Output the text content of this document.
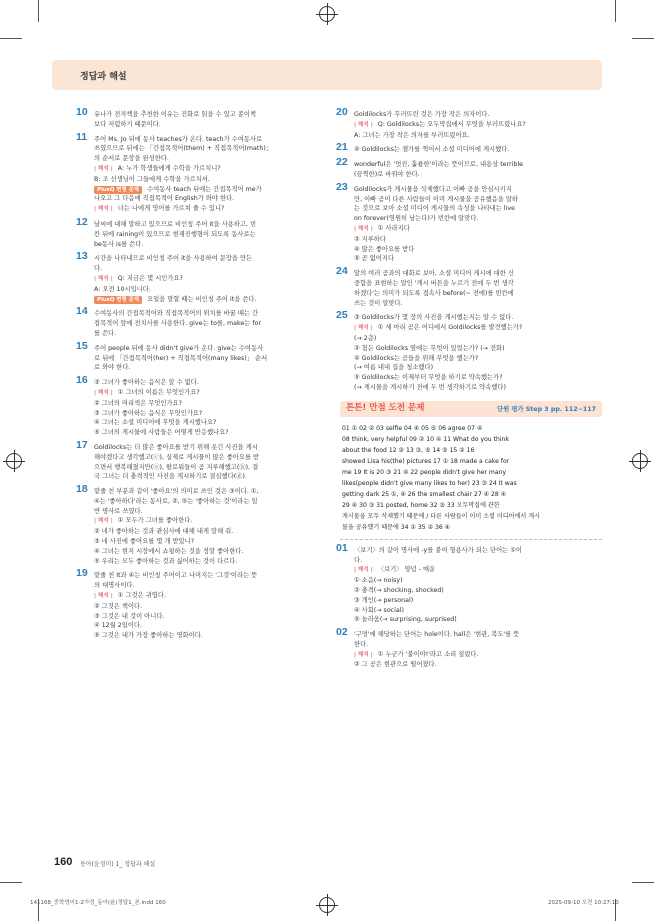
정답과 해설
10 유나가 전자책을 추천한 이유는 진화로 읽을 수 있고 종이책
보다 저렴하기 때문이다.
11 주어 Ms. Jo 뒤에 동사 teaches가 온다. teach가 수여동사로
쓰였으므로 뒤에는 「간접목적어(them) + 직접목적어(math)」
의 순서로 문장을 완성한다.
| 해석 | A: 누가 학생들에게 수학을 가르치니?
B: 조 선생님이 그들에게 수학을 가르치셔.
PlusQ 변형 문제 수여동사 teach 뒤에는 간접목적어 me가
나오고 그 다음에 직접목적어 English가 와야 한다.
| 해석 | 너는 나에게 영어를 가르쳐 줄 수 있니?
12 날씨에 대해 말하고 있으므로 비인칭 주어 it을 사용하고, 빈
칸 뒤에 raining이 있으므로 현재진행형이 되도록 동사로는
be동사 is를 쓴다.
13 시간을 나타내므로 비인칭 주어 it을 사용하여 문장을 만든
다.
| 해석 | Q: 지금은 몇 시인가요?
A: 오전 10시입니다.
PlusQ 변형 문제 요일을 말할 때는 비인칭 주어 it을 쓴다.
14 수여동사의 간접목적어와 직접목적어의 위치를 바꿀 때는 간
접목적어 앞에 전치사를 사용한다. give는 to를, make는 for
를 쓴다.
15 주어 people 뒤에 동사 didn't give가 온다. give는 수여동사
로 뒤에 「간접목적어(her) + 직접목적어(many likes)」 순서
로 와야 한다.
16 ③ 그녀가 좋아하는 음식은 알 수 없다.
| 해석 | ① 그녀의 이름은 무엇인가요?
② 그녀의 머리색은 무엇인가요?
③ 그녀가 좋아하는 음식은 무엇인가요?
④ 그녀는 소셜 미디어에 무엇을 게시했나요?
⑤ 그녀의 게시물에 사람들은 어떻게 반응했나요?
17 Goldilocks는 더 많은 좋아요를 받기 위해 옷긴 사진을 게시
해야겠다고 생각했고(ⓒ), 실제로 게시물이 많은 좋아요를 받
으면서 행복해졌지만(ⓐ), 팔로워들이 곰 지루해했고(ⓑ), 결
국 그녀는 더 충격적인 사진을 게시하기로 결심했다(ⓓ).
18 맡줄 친 부분과 같이 '좋아요'의 의미로 쓰인 것은 ③이다. ①,
④는 '좋아하다'라는 동사로, ②, ⑤는 '좋아하는 것'이라는 일
반 명사로 쓰였다.
| 해석 | ① 모두가 그녀를 좋아한다.
② 네가 좋아하는 것과 관심사에 대해 내게 말해 줘.
③ 네 사진에 좋아요를 몇 개 받았니?
④ 그녀는 현지 시장에서 쇼핑하는 것을 정말 좋아한다.
⑤ 우리는 모두 좋아하는 것과 싫어하는 것이 다르다.
19 맡줄 친 It과 ④는 비인칭 주어이고 나머지는 '그것'이라는 뜻
의 대명사이다.
| 해석 | ① 그것은 귀엽다.
② 그것은 책이다.
③ 그것은 내 것이 아니다.
④ 12월 2일이다.
⑤ 그것은 내가 가장 좋아하는 영화이다.
20 Goldilocks가 무러뜨린 것은 가장 작은 의자이다.
| 해석 | Q: Goldilocks는 오두막집에서 무엇을 부러뜨렸나요?
A: 그녀는 가장 작은 의자를 부러뜨렸어요.
21 ④ Goldilocks는 젤가를 찍어서 소셜 미디어에 게시했다.
22 wonderful은 '멋진, 훌륭한'이라는 뜻이므로, 내용상 terrible
(끔찍한)로 바꿔야 한다.
23 Goldilocks가 게시물을 삭제했다고 이빠 곰을 안심시키지
만, 이빠 곰이 다른 사람들이 이미 게시물을 공유했음을 말하
는 것으로 보아 소셜 미디어 게시물의 속성을 나타내는 live
on forever(영원히 남는다)가 빈칸에 알맞다.
| 해석 | ① 사라지다
② 지루하다
④ 많은 좋아요를 받다
⑤ 곧 없어지다
24 앞의 여러 곰과의 대화로 보아, 소셜 미디어 게시에 대한 신
중함을 표현하는 말인 '게시 버튼을 누르기 전에 두 번 생각
하겠다'는 의미가 되도록 접속사 before(~ 전에)를 빈칸에
쓰는 것이 알맞다.
25 ③ Goldilocks가 몇 장의 사진을 게시했는지는 알 수 없다.
| 해석 | ① 세 마리 곰은 어디에서 Goldilocks를 발견했는가?
(→ 2층)
② 첨든 Goldilocks 옆에는 무엇이 있었는가? (→ 전화)
④ Goldilocks는 곰들을 위해 무엇을 했는가?
(→ 여름 내내 집을 청소했다)
⑤ Goldilocks는 이제부터 무엇을 하기로 약속했는가?
(→ 게시물을 게시하기 전에 두 번 생각하기로 약속했다)
튼튼! 만점 도전 문제	단원 평가 Step 3 pp. 112~117
01 ① 02 ② 03 selfie 04 ④ 05 ⑤ 06 agree 07 ④
08 think, very helpful 09 ② 10 ④ 11 What do you think
about the food 12 ② 13 ③, ⑤ 14 ⑤ 15 ② 16
showed Lisa his(the) pictures 17 ① 18 made a cake for
me 19 It is 20 ③ 21 ④ 22 people didn't give her many
likes(people didn't give many likes to her) 23 ③ 24 It was
getting dark 25 ①, ④ 26 the smallest chair 27 ④ 28 ④
29 ④ 30 ③ 31 posted, home 32 ③ 33 오두막집에 관한
게시물을 모두 삭제했기 때문에 / 다른 사람들이 이미 소셜 미디어에서 게시
물을 공유했기 때문에 34 ① 35 ② 36 ④
01 〈보기〉의 같이 명사에 -y를 붙여 형용사가 되는 단어는 ①이
다.
| 해석 | 〈보기〉 양념 - 매운
① 소음(→ noisy)
② 충격(→ shocking, shocked)
③ 개인(→ personal)
④ 사회(→ social)
⑤ 놀라움(→ surprising, surprised)
02 '구멍'에 해당하는 단어는 hole이다. hall은 '현관, 복도'를 뜻
한다.
| 해석 | ① 누군가 '불이야!'라고 소리 질렀다.
② 그 공은 현관으로 떨어졌다.
160 동아(윤정미) 1_ 정답과 해설
141168_중학영어1-2가정_동아(윤)정답1_본.indd 160	2025-09-10 오전 10:27:10
